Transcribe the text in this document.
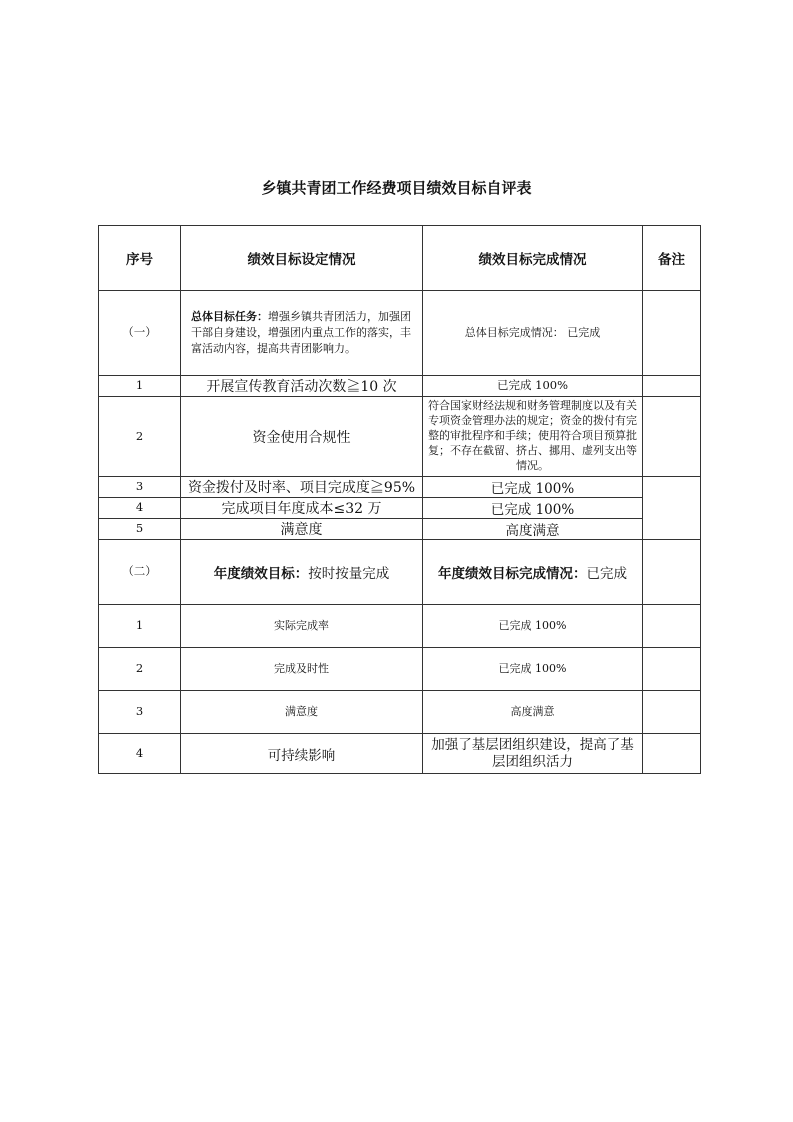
乡镇共青团工作经费项目绩效目标自评表
序号	绩效目标设定情况	绩效目标完成情况	备注
（一）	总体目标任务：增强乡镇共青团活力，加强团干部自身建设，增强团内重点工作的落实，丰富活动内容，提高共青团影响力。	总体目标完成情况： 已完成	
1	开展宣传教育活动次数≧10 次	已完成 100%	
2	资金使用合规性	符合国家财经法规和财务管理制度以及有关专项资金管理办法的规定；资金的拨付有完整的审批程序和手续；使用符合项目预算批复；不存在截留、挤占、挪用、虚列支出等情况。	
3	资金拨付及时率、项目完成度≧95%	已完成 100%	
4	完成项目年度成本≤32 万	已完成 100%	
5	满意度	高度满意	
（二）	年度绩效目标：按时按量完成	年度绩效目标完成情况：已完成	
1	实际完成率	已完成 100%	
2	完成及时性	已完成 100%	
3	满意度	高度满意	
4	可持续影响	加强了基层团组织建设，提高了基层团组织活力	
